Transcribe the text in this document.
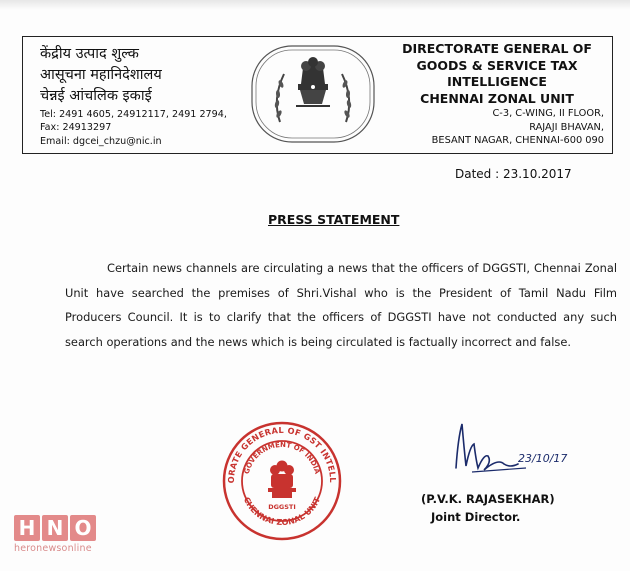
केंद्रीय उत्पाद शुल्क
आसूचना महानिदेशालय
चेन्नई आंचलिक इकाई
Tel: 2491 4605, 24912117, 2491 2794,
Fax: 24913297
Email: dgcei_chzu@nic.in
DIRECTORATE GENERAL OF
GOODS & SERVICE TAX
INTELLIGENCE
CHENNAI ZONAL UNIT
C-3, C-WING, II FLOOR,
RAJAJI BHAVAN,
BESANT NAGAR, CHENNAI-600 090
Dated : 23.10.2017
PRESS STATEMENT
Certain news channels are circulating a news that the officers of DGGSTI, Chennai Zonal Unit have searched the premises of Shri.Vishal who is the President of Tamil Nadu Film Producers Council. It is to clarify that the officers of DGGSTI have not conducted any such search operations and the news which is being circulated is factually incorrect and false.
ORATE GENERAL OF GST INTELL
CHENNAI ZONAL UNIT
GOVERNMENT OF INDIA
DGGSTI
23/10/17
(P.V.K. RAJASEKHAR)
Joint Director.
H N O
heronewsonline
